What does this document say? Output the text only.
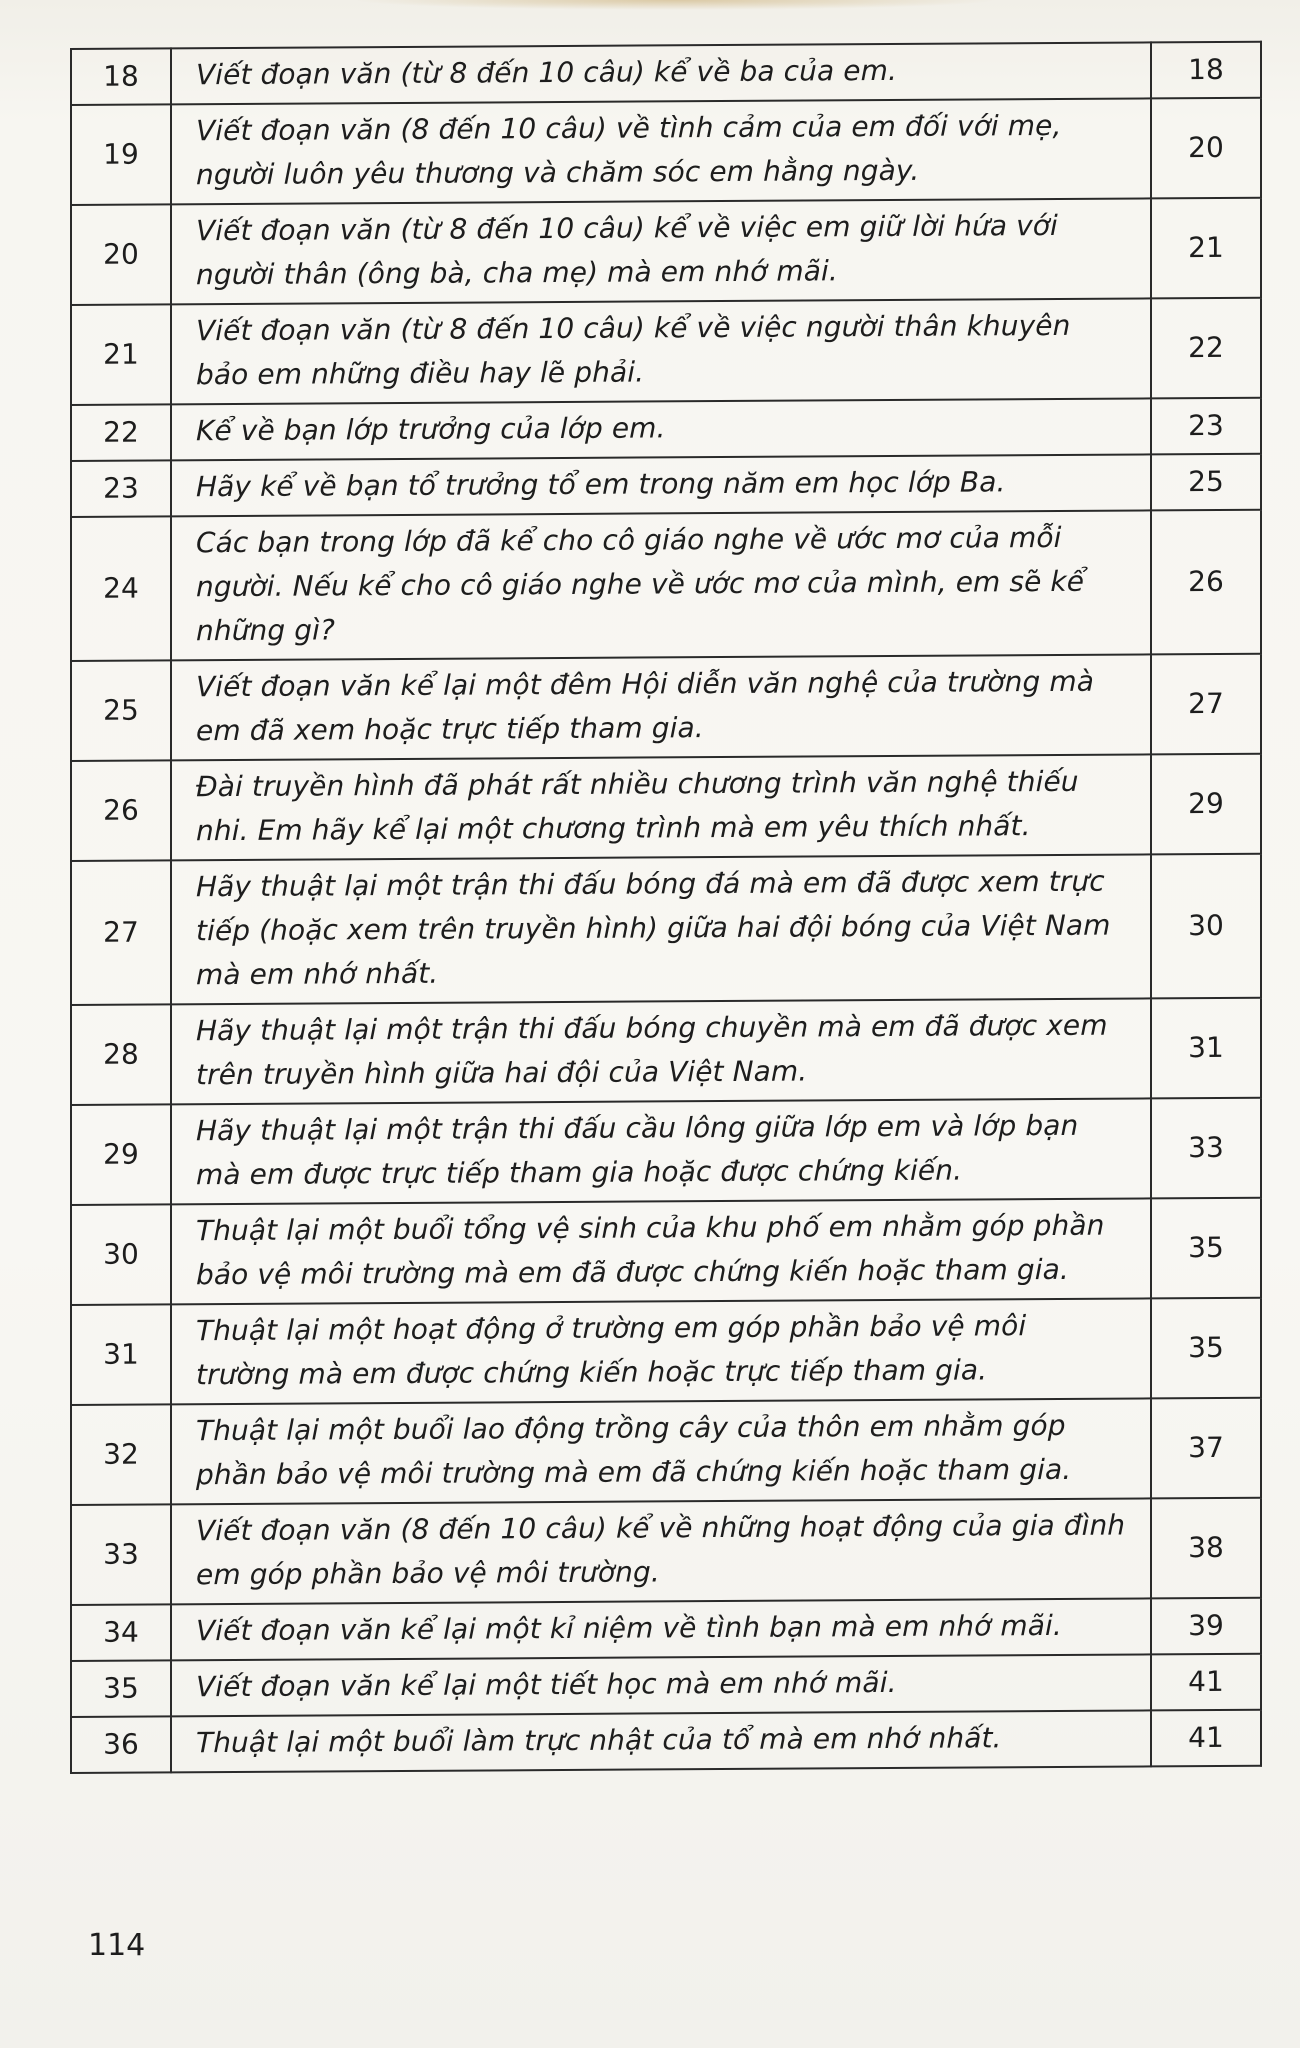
18	Viết đoạn văn (từ 8 đến 10 câu) kể về ba của em.	18
19	Viết đoạn văn (8 đến 10 câu) về tình cảm của em đối với mẹ, người luôn yêu thương và chăm sóc em hằng ngày.	20
20	Viết đoạn văn (từ 8 đến 10 câu) kể về việc em giữ lời hứa với người thân (ông bà, cha mẹ) mà em nhớ mãi.	21
21	Viết đoạn văn (từ 8 đến 10 câu) kể về việc người thân khuyên bảo em những điều hay lẽ phải.	22
22	Kể về bạn lớp trưởng của lớp em.	23
23	Hãy kể về bạn tổ trưởng tổ em trong năm em học lớp Ba.	25
24	Các bạn trong lớp đã kể cho cô giáo nghe về ước mơ của mỗi người. Nếu kể cho cô giáo nghe về ước mơ của mình, em sẽ kể những gì?	26
25	Viết đoạn văn kể lại một đêm Hội diễn văn nghệ của trường mà em đã xem hoặc trực tiếp tham gia.	27
26	Đài truyền hình đã phát rất nhiều chương trình văn nghệ thiếu nhi. Em hãy kể lại một chương trình mà em yêu thích nhất.	29
27	Hãy thuật lại một trận thi đấu bóng đá mà em đã được xem trực tiếp (hoặc xem trên truyền hình) giữa hai đội bóng của Việt Nam mà em nhớ nhất.	30
28	Hãy thuật lại một trận thi đấu bóng chuyền mà em đã được xem trên truyền hình giữa hai đội của Việt Nam.	31
29	Hãy thuật lại một trận thi đấu cầu lông giữa lớp em và lớp bạn mà em được trực tiếp tham gia hoặc được chứng kiến.	33
30	Thuật lại một buổi tổng vệ sinh của khu phố em nhằm góp phần bảo vệ môi trường mà em đã được chứng kiến hoặc tham gia.	35
31	Thuật lại một hoạt động ở trường em góp phần bảo vệ môi trường mà em được chứng kiến hoặc trực tiếp tham gia.	35
32	Thuật lại một buổi lao động trồng cây của thôn em nhằm góp phần bảo vệ môi trường mà em đã chứng kiến hoặc tham gia.	37
33	Viết đoạn văn (8 đến 10 câu) kể về những hoạt động của gia đình em góp phần bảo vệ môi trường.	38
34	Viết đoạn văn kể lại một kỉ niệm về tình bạn mà em nhớ mãi.	39
35	Viết đoạn văn kể lại một tiết học mà em nhớ mãi.	41
36	Thuật lại một buổi làm trực nhật của tổ mà em nhớ nhất.	41
114
